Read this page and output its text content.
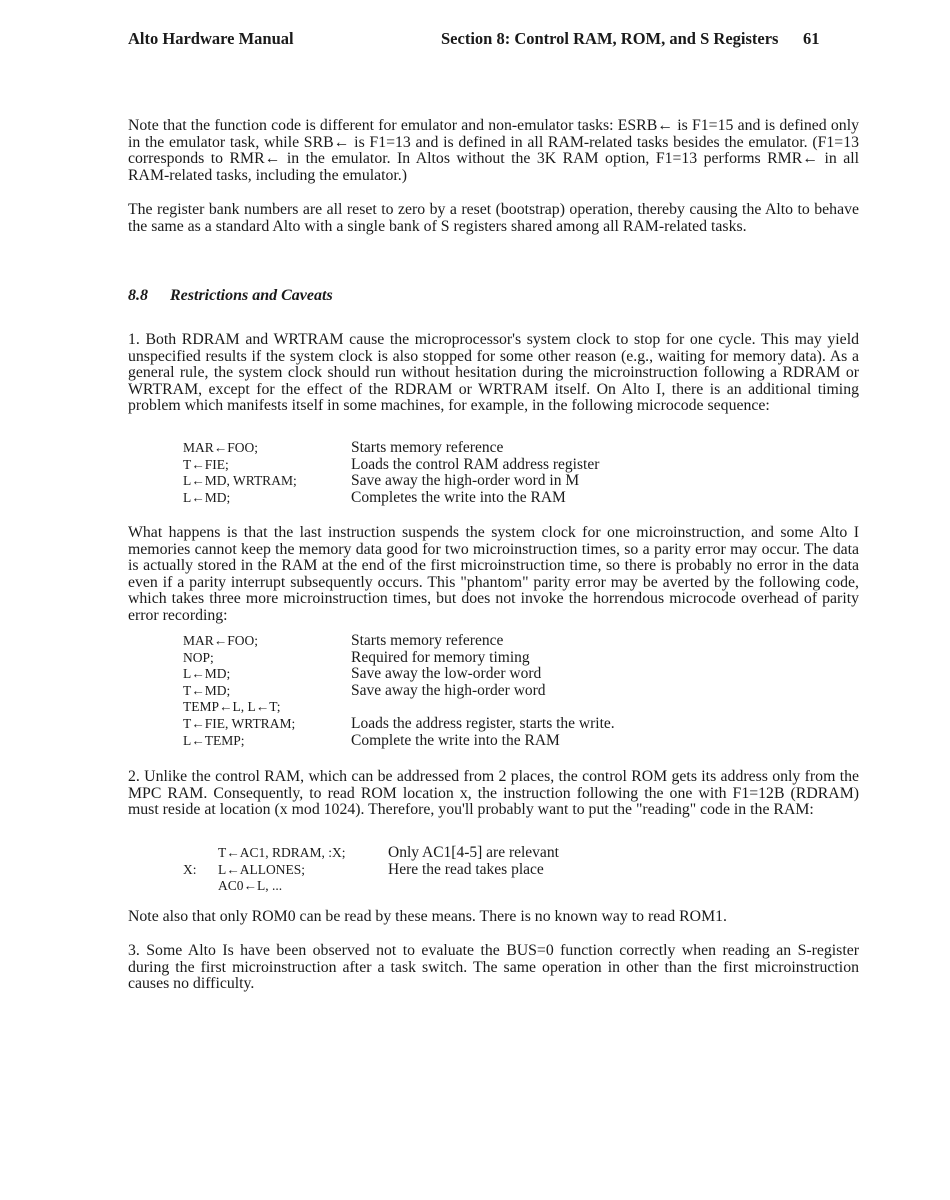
Alto Hardware Manual	Section 8: Control RAM, ROM, and S Registers 61

Note that the function code is different for emulator and non-emulator tasks: ESRB← is F1=15 and is defined only in the emulator task, while SRB← is F1=13 and is defined in all RAM-related tasks besides the emulator. (F1=13 corresponds to RMR← in the emulator. In Altos without the 3K RAM option, F1=13 performs RMR← in all RAM-related tasks, including the emulator.)

The register bank numbers are all reset to zero by a reset (bootstrap) operation, thereby causing the Alto to behave the same as a standard Alto with a single bank of S registers shared among all RAM-related tasks.

8.8 Restrictions and Caveats

1. Both RDRAM and WRTRAM cause the microprocessor's system clock to stop for one cycle. This may yield unspecified results if the system clock is also stopped for some other reason (e.g., waiting for memory data). As a general rule, the system clock should run without hesitation during the microinstruction following a RDRAM or WRTRAM, except for the effect of the RDRAM or WRTRAM itself. On Alto I, there is an additional timing problem which manifests itself in some machines, for example, in the following microcode sequence:

MAR←FOO;	Starts memory reference
T←FIE;	Loads the control RAM address register
L←MD, WRTRAM;	Save away the high-order word in M
L←MD;	Completes the write into the RAM

What happens is that the last instruction suspends the system clock for one microinstruction, and some Alto I memories cannot keep the memory data good for two microinstruction times, so a parity error may occur. The data is actually stored in the RAM at the end of the first microinstruction time, so there is probably no error in the data even if a parity interrupt subsequently occurs. This "phantom" parity error may be averted by the following code, which takes three more microinstruction times, but does not invoke the horrendous microcode overhead of parity error recording:

MAR←FOO;	Starts memory reference
NOP;	Required for memory timing
L←MD;	Save away the low-order word
T←MD;	Save away the high-order word
TEMP←L, L←T;
T←FIE, WRTRAM;	Loads the address register, starts the write.
L←TEMP;	Complete the write into the RAM

2. Unlike the control RAM, which can be addressed from 2 places, the control ROM gets its address only from the MPC RAM. Consequently, to read ROM location x, the instruction following the one with F1=12B (RDRAM) must reside at location (x mod 1024). Therefore, you'll probably want to put the "reading" code in the RAM:

T←AC1, RDRAM, :X;	Only AC1[4-5] are relevant
X: L←ALLONES;	Here the read takes place
AC0←L, ...

Note also that only ROM0 can be read by these means. There is no known way to read ROM1.

3. Some Alto Is have been observed not to evaluate the BUS=0 function correctly when reading an S-register during the first microinstruction after a task switch. The same operation in other than the first microinstruction causes no difficulty.
